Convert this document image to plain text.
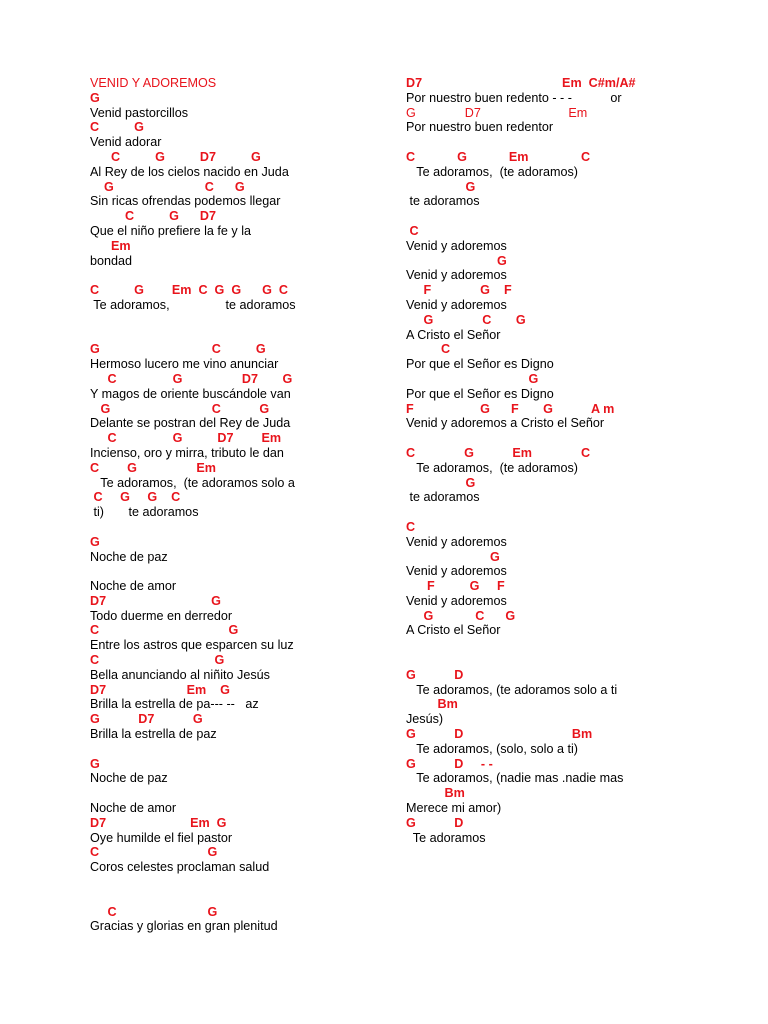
VENID Y ADOREMOS
G
Venid pastorcillos
C          G
Venid adorar
C          G          D7          G
Al Rey de los cielos nacido en Juda
G                          C      G
Sin ricas ofrendas podemos llegar
C          G      D7
Que el niño prefiere la fe y la
Em
bondad
C          G        Em  C  G  G      G  C
Te adoramos,                te adoramos
G                                C          G
Hermoso lucero me vino anunciar
C                G                 D7       G
Y magos de oriente buscándole van
G                             C           G
Delante se postran del Rey de Juda
C                G          D7        Em
Incienso, oro y mirra, tributo le dan
C        G                 Em
Te adoramos,  (te adoramos solo a
C     G     G    C
ti)       te adoramos
G
Noche de paz
Noche de amor
D7                              G
Todo duerme en derredor
C                                     G
Entre los astros que esparcen su luz
C                                 G
Bella anunciando al niñito Jesús
D7                       Em    G
Brilla la estrella de pa--- --   az
G           D7           G
Brilla la estrella de paz
G
Noche de paz
Noche de amor
D7                        Em  G
Oye humilde el fiel pastor
C                               G
Coros celestes proclaman salud
C                          G
Gracias y glorias en gran plenitud
D7                                        Em  C#m/A#
Por nuestro buen redento - - -           or
G              D7                         Em
Por nuestro buen redentor
C            G            Em               C
Te adoramos,  (te adoramos)
G
te adoramos
C
Venid y adoremos
G
Venid y adoremos
F              G    F
Venid y adoremos
G              C       G
A Cristo el Señor
C
Por que el Señor es Digno
G
Por que el Señor es Digno
F                   G      F       G           A m
Venid y adoremos a Cristo el Señor
C              G           Em              C
Te adoramos,  (te adoramos)
G
te adoramos
C
Venid y adoremos
G
Venid y adoremos
F          G     F
Venid y adoremos
G            C      G
A Cristo el Señor
G           D
Te adoramos, (te adoramos solo a ti
Bm
Jesús)
G           D                               Bm
Te adoramos, (solo, solo a ti)
G           D     - -
Te adoramos, (nadie mas .nadie mas
Bm
Merece mi amor)
G           D
Te adoramos
